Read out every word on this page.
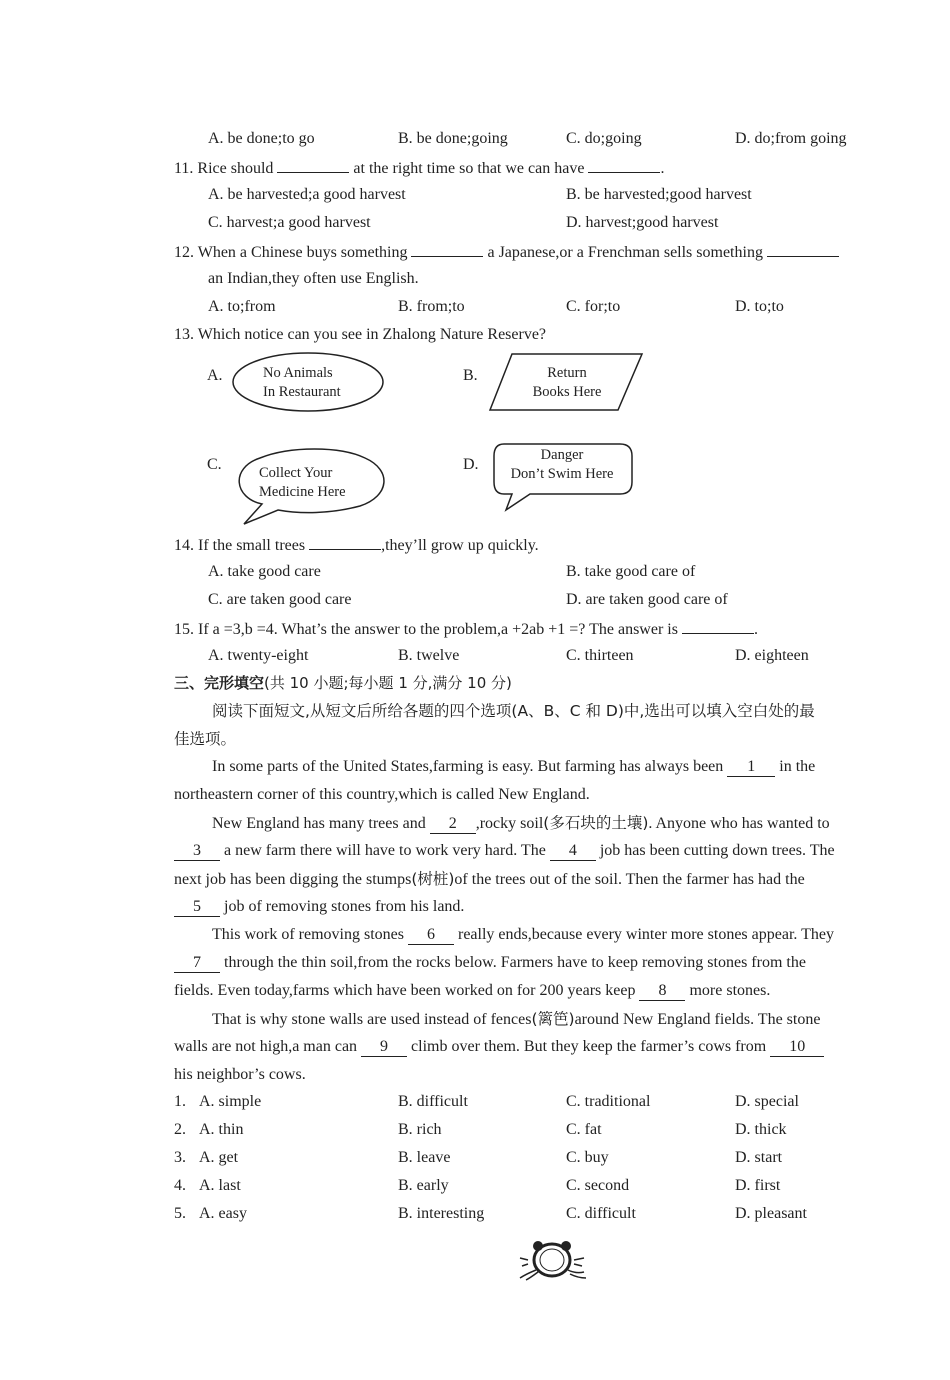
A. be done;to go	B. be done;going	C. do;going	D. do;from going
11. Rice should	at the right time so that we can have	.
A. be harvested;a good harvest	B. be harvested;good harvest
C. harvest;a good harvest	D. harvest;good harvest
12. When a Chinese buys something	a Japanese,or a Frenchman sells something
an Indian,they often use English.
A. to;from	B. from;to	C. for;to	D. to;to
13. Which notice can you see in Zhalong Nature Reserve?
A.	No Animals
In Restaurant
B.	Return
Books Here
C.	Collect Your
Medicine Here
D.
Danger
Don’t Swim Here
14. If the small trees	,they’ll grow up quickly.
A. take good care	B. take good care of
C. are taken good care	D. are taken good care of
15. If a =3,b =4. What’s the answer to the problem,a +2ab +1 =? The answer is	.
A. twenty-eight	B. twelve	C. thirteen	D. eighteen
三、完形填空(共 10 小题;每小题 1 分,满分 10 分)
阅读下面短文,从短文后所给各题的四个选项(A、B、C 和 D)中,选出可以填入空白处的最
佳选项。
In some parts of the United States,farming is easy. But farming has always been 1 in the
northeastern corner of this country,which is called New England.
New England has many trees and 2 ,rocky soil(多石块的土壤). Anyone who has wanted to
3 a new farm there will have to work very hard. The 4 job has been cutting down trees. The
next job has been digging the stumps(树桩)of the trees out of the soil. Then the farmer has had the
5 job of removing stones from his land.
This work of removing stones 6 really ends,because every winter more stones appear. They
7 through the thin soil,from the rocks below. Farmers have to keep removing stones from the
fields. Even today,farms which have been worked on for 200 years keep 8 more stones.
That is why stone walls are used instead of fences(篱笆)around New England fields. The stone
walls are not high,a man can 9 climb over them. But they keep the farmer’s cows from 10
his neighbor’s cows.
1. A. simple	B. difficult	C. traditional	D. special
2. A. thin	B. rich	C. fat	D. thick
3. A. get	B. leave	C. buy	D. start
4. A. last	B. early	C. second	D. first
5. A. easy	B. interesting	C. difficult	D. pleasant
